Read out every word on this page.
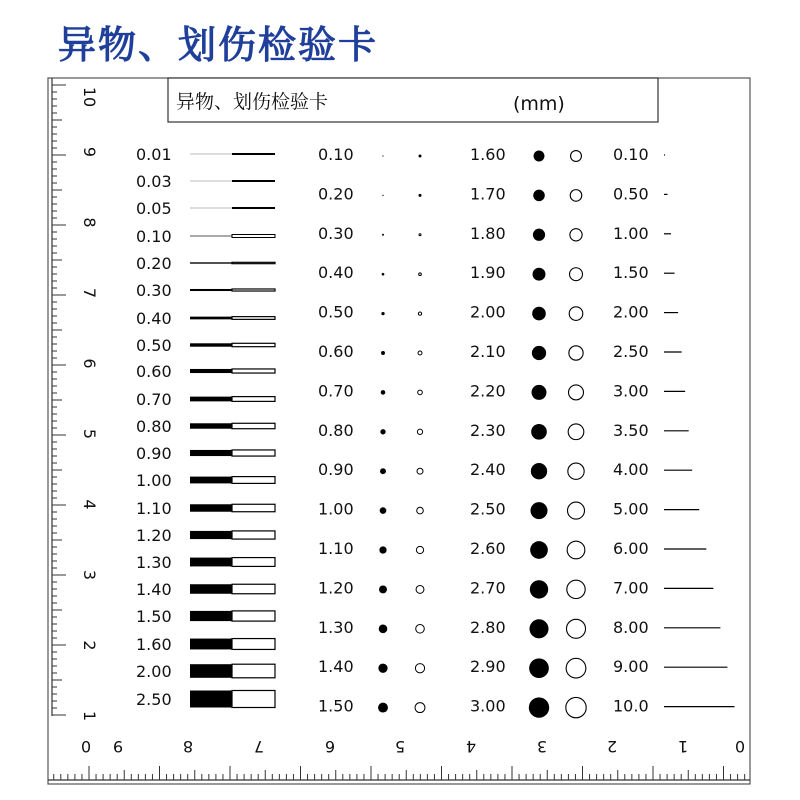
异物、划伤检验卡
异物、划伤检验卡	(mm)
10
9
8
7
6
5
4
3
2
1
0 9	8	7	6	5	4	3	2	1	0
0.01
0.03
0.05
0.10
0.20
0.30
0.40
0.50
0.60
0.70
0.80
0.90
1.00
1.10
1.20
1.30
1.40
1.50
1.60
2.00
2.50
0.10
0.20
0.30
0.40
0.50
0.60
0.70
0.80
0.90
1.00
1.10
1.20
1.30
1.40
1.50
1.60
1.70
1.80
1.90
2.00
2.10
2.20
2.30
2.40
2.50
2.60
2.70
2.80
2.90
3.00
0.10
0.50
1.00
1.50
2.00
2.50
3.00
3.50
4.00
5.00
6.00
7.00
8.00
9.00
10.0
